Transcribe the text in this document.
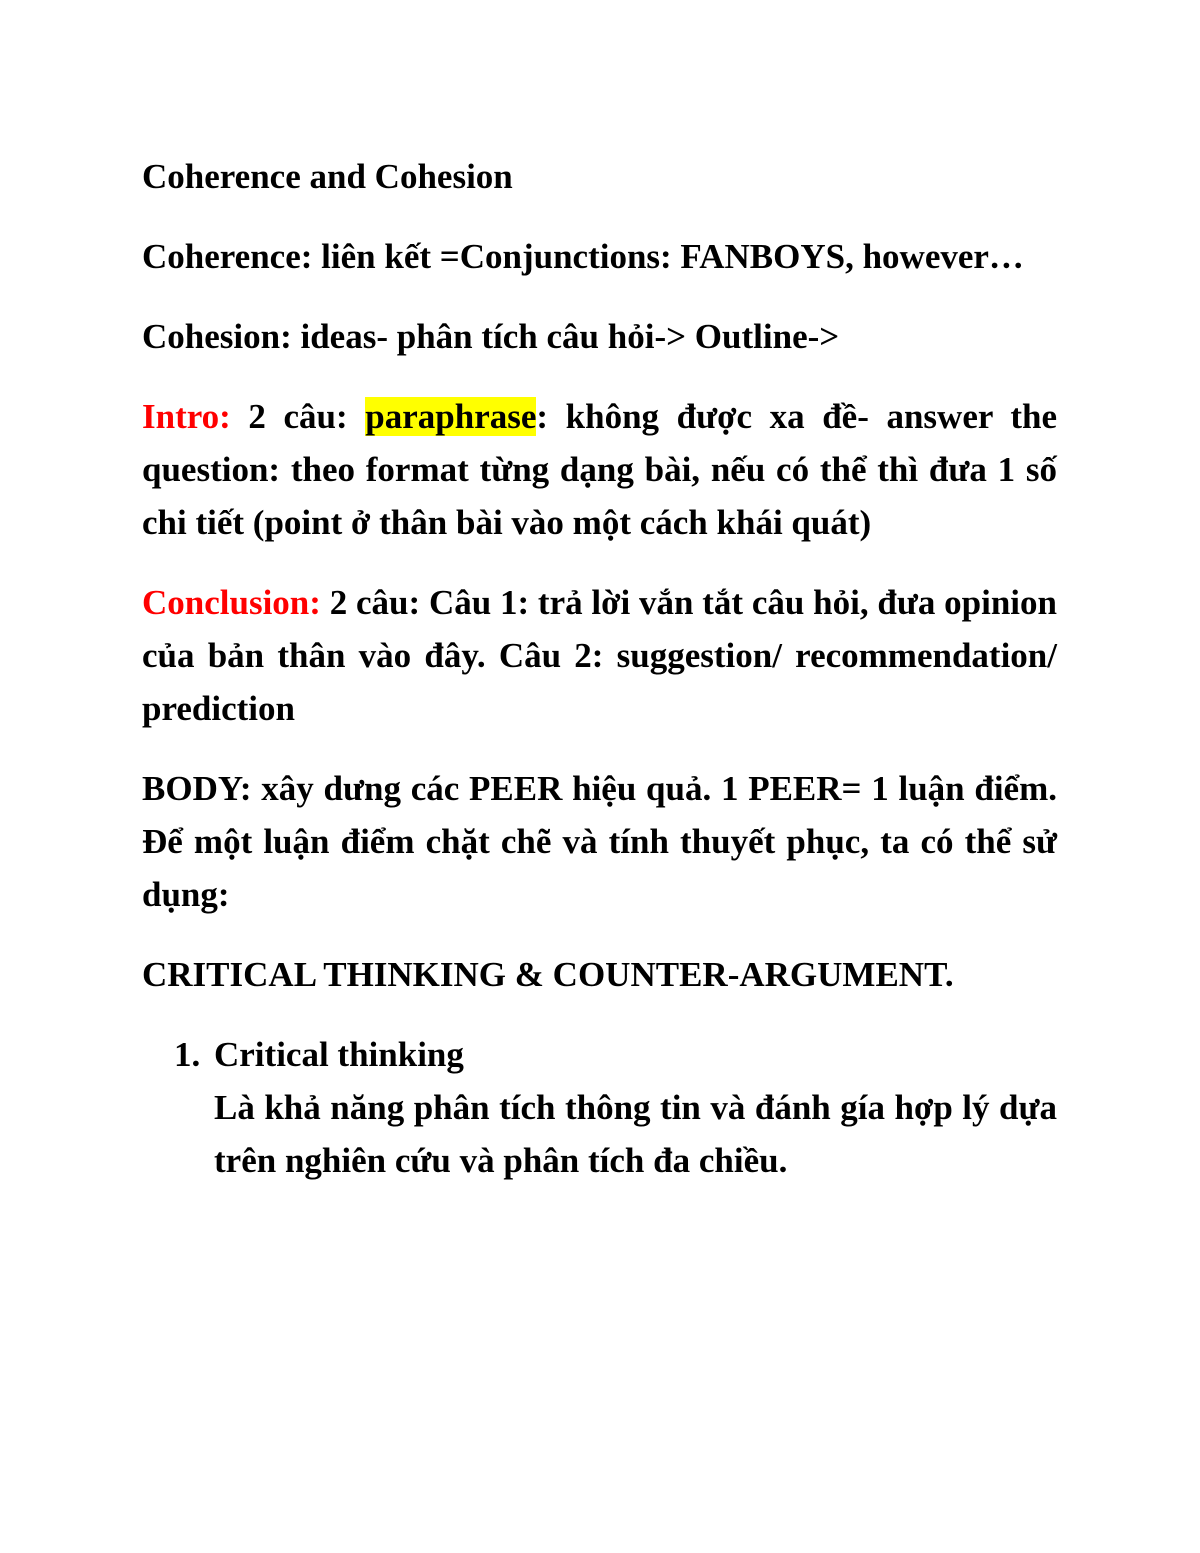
Coherence and Cohesion

Coherence: liên kết =Conjunctions: FANBOYS, however…

Cohesion: ideas- phân tích câu hỏi-> Outline->

Intro: 2 câu: paraphrase: không được xa đề- answer the question: theo format từng dạng bài, nếu có thể thì đưa 1 số chi tiết (point ở thân bài vào một cách khái quát)

Conclusion: 2 câu: Câu 1: trả lời vắn tắt câu hỏi, đưa opinion của bản thân vào đây. Câu 2: suggestion/ recommendation/ prediction

BODY: xây dưng các PEER hiệu quả. 1 PEER= 1 luận điểm. Để một luận điểm chặt chẽ và tính thuyết phục, ta có thể sử dụng:

CRITICAL THINKING & COUNTER-ARGUMENT.

1. Critical thinking
Là khả năng phân tích thông tin và đánh gía hợp lý dựa trên nghiên cứu và phân tích đa chiều.
